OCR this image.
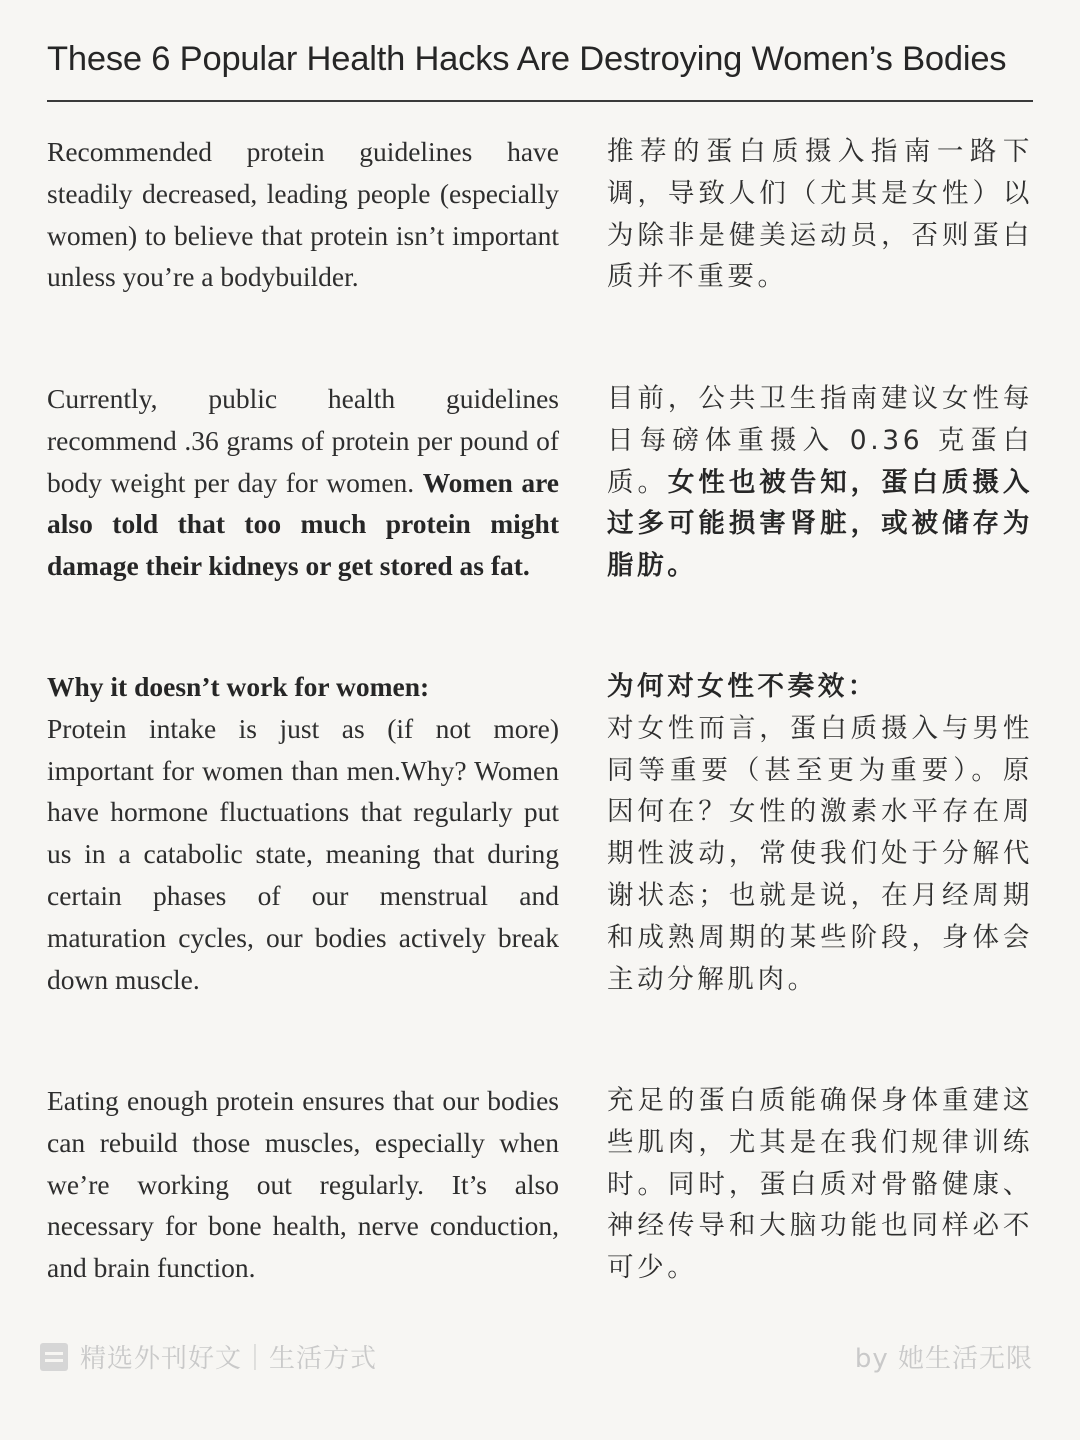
These 6 Popular Health Hacks Are Destroying Women’s Bodies
Recommended protein guidelines have steadily decreased, leading people (especially women) to believe that protein isn’t important unless you’re a bodybuilder.
推荐的蛋白质摄入指南一路下调，导致人们（尤其是女性）以为除非是健美运动员，否则蛋白质并不重要。
Currently, public health guidelines recommend .36 grams of protein per pound of body weight per day for women. Women are also told that too much protein might damage their kidneys or get stored as fat.
目前，公共卫生指南建议女性每日每磅体重摄入 0.36 克蛋白质。女性也被告知，蛋白质摄入过多可能损害肾脏，或被储存为脂肪。
Why it doesn’t work for women:
Protein intake is just as (if not more) important for women than men.Why? Women have hormone fluctuations that regularly put us in a catabolic state, meaning that during certain phases of our menstrual and maturation cycles, our bodies actively break down muscle.
为何对女性不奏效：
对女性而言，蛋白质摄入与男性同等重要（甚至更为重要）。原因何在？女性的激素水平存在周期性波动，常使我们处于分解代谢状态；也就是说，在月经周期和成熟周期的某些阶段，身体会主动分解肌肉。
Eating enough protein ensures that our bodies can rebuild those muscles, especially when we’re working out regularly. It’s also necessary for bone health, nerve conduction, and brain function.
充足的蛋白质能确保身体重建这些肌肉，尤其是在我们规律训练时。同时，蛋白质对骨骼健康、神经传导和大脑功能也同样必不可少。
精选外刊好文｜生活方式	by 她生活无限
